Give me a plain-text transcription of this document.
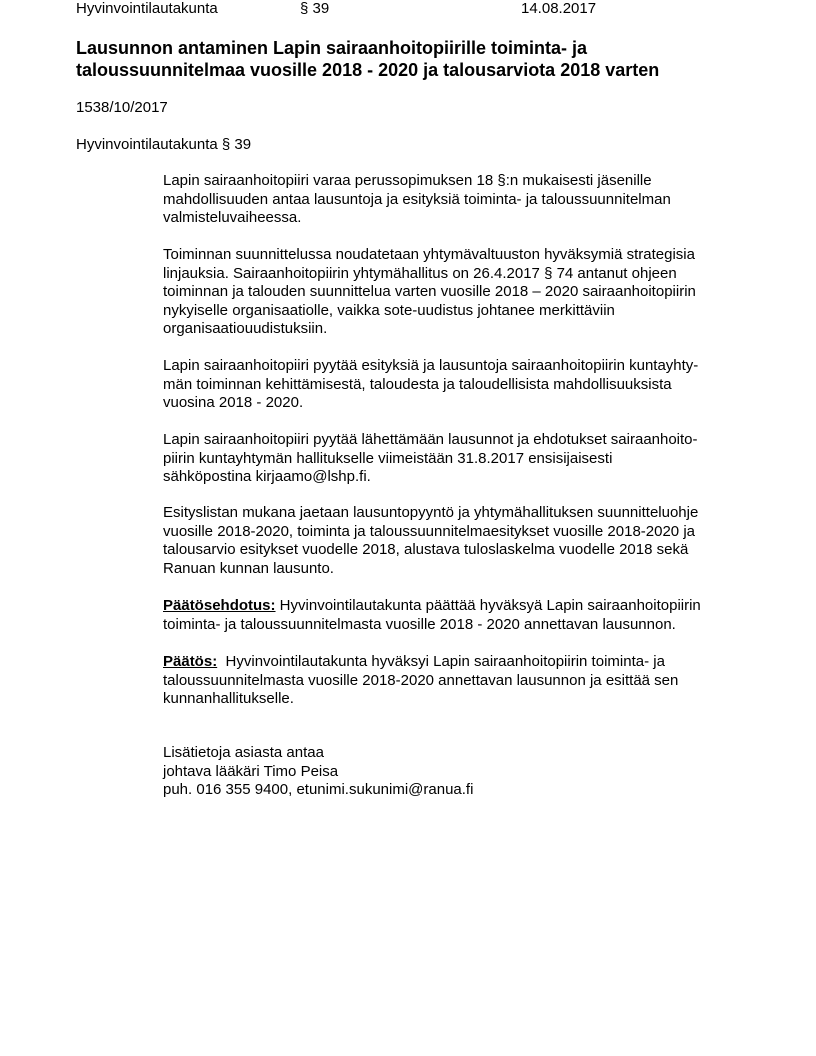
Hyvinvointilautakunta	§ 39	14.08.2017
Lausunnon antaminen Lapin sairaanhoitopiirille toiminta- ja
taloussuunnitelmaa vuosille 2018 - 2020 ja talousarviota 2018 varten
1538/10/2017
Hyvinvointilautakunta § 39
Lapin sairaanhoitopiiri varaa perussopimuksen 18 §:n mukaisesti jäsenille
mahdollisuuden antaa lausuntoja ja esityksiä toiminta- ja taloussuunnitelman
valmisteluvaiheessa.
Toiminnan suunnittelussa noudatetaan yhtymävaltuuston hyväksymiä strategisia
linjauksia. Sairaanhoitopiirin yhtymähallitus on 26.4.2017 § 74 antanut ohjeen
toiminnan ja talouden suunnittelua varten vuosille 2018 – 2020 sairaanhoitopiirin
nykyiselle organisaatiolle, vaikka sote-uudistus johtanee merkittäviin
organisaatiouudistuksiin.
Lapin sairaanhoitopiiri pyytää esityksiä ja lausuntoja sairaanhoitopiirin kuntayhty-
män toiminnan kehittämisestä, taloudesta ja taloudellisista mahdollisuuksista
vuosina 2018 - 2020.
Lapin sairaanhoitopiiri pyytää lähettämään lausunnot ja ehdotukset sairaanhoito-
piirin kuntayhtymän hallitukselle viimeistään 31.8.2017 ensisijaisesti
sähköpostina kirjaamo@lshp.fi.
Esityslistan mukana jaetaan lausuntopyyntö ja yhtymähallituksen suunnitteluohje
vuosille 2018-2020, toiminta ja taloussuunnitelmaesitykset vuosille 2018-2020 ja
talousarvio esitykset vuodelle 2018, alustava tuloslaskelma vuodelle 2018 sekä
Ranuan kunnan lausunto.
Päätösehdotus: Hyvinvointilautakunta päättää hyväksyä Lapin sairaanhoitopiirin
toiminta- ja taloussuunnitelmasta vuosille 2018 - 2020 annettavan lausunnon.
Päätös:  Hyvinvointilautakunta hyväksyi Lapin sairaanhoitopiirin toiminta- ja
taloussuunnitelmasta vuosille 2018-2020 annettavan lausunnon ja esittää sen
kunnanhallitukselle.
Lisätietoja asiasta antaa
johtava lääkäri Timo Peisa
puh. 016 355 9400, etunimi.sukunimi@ranua.fi
